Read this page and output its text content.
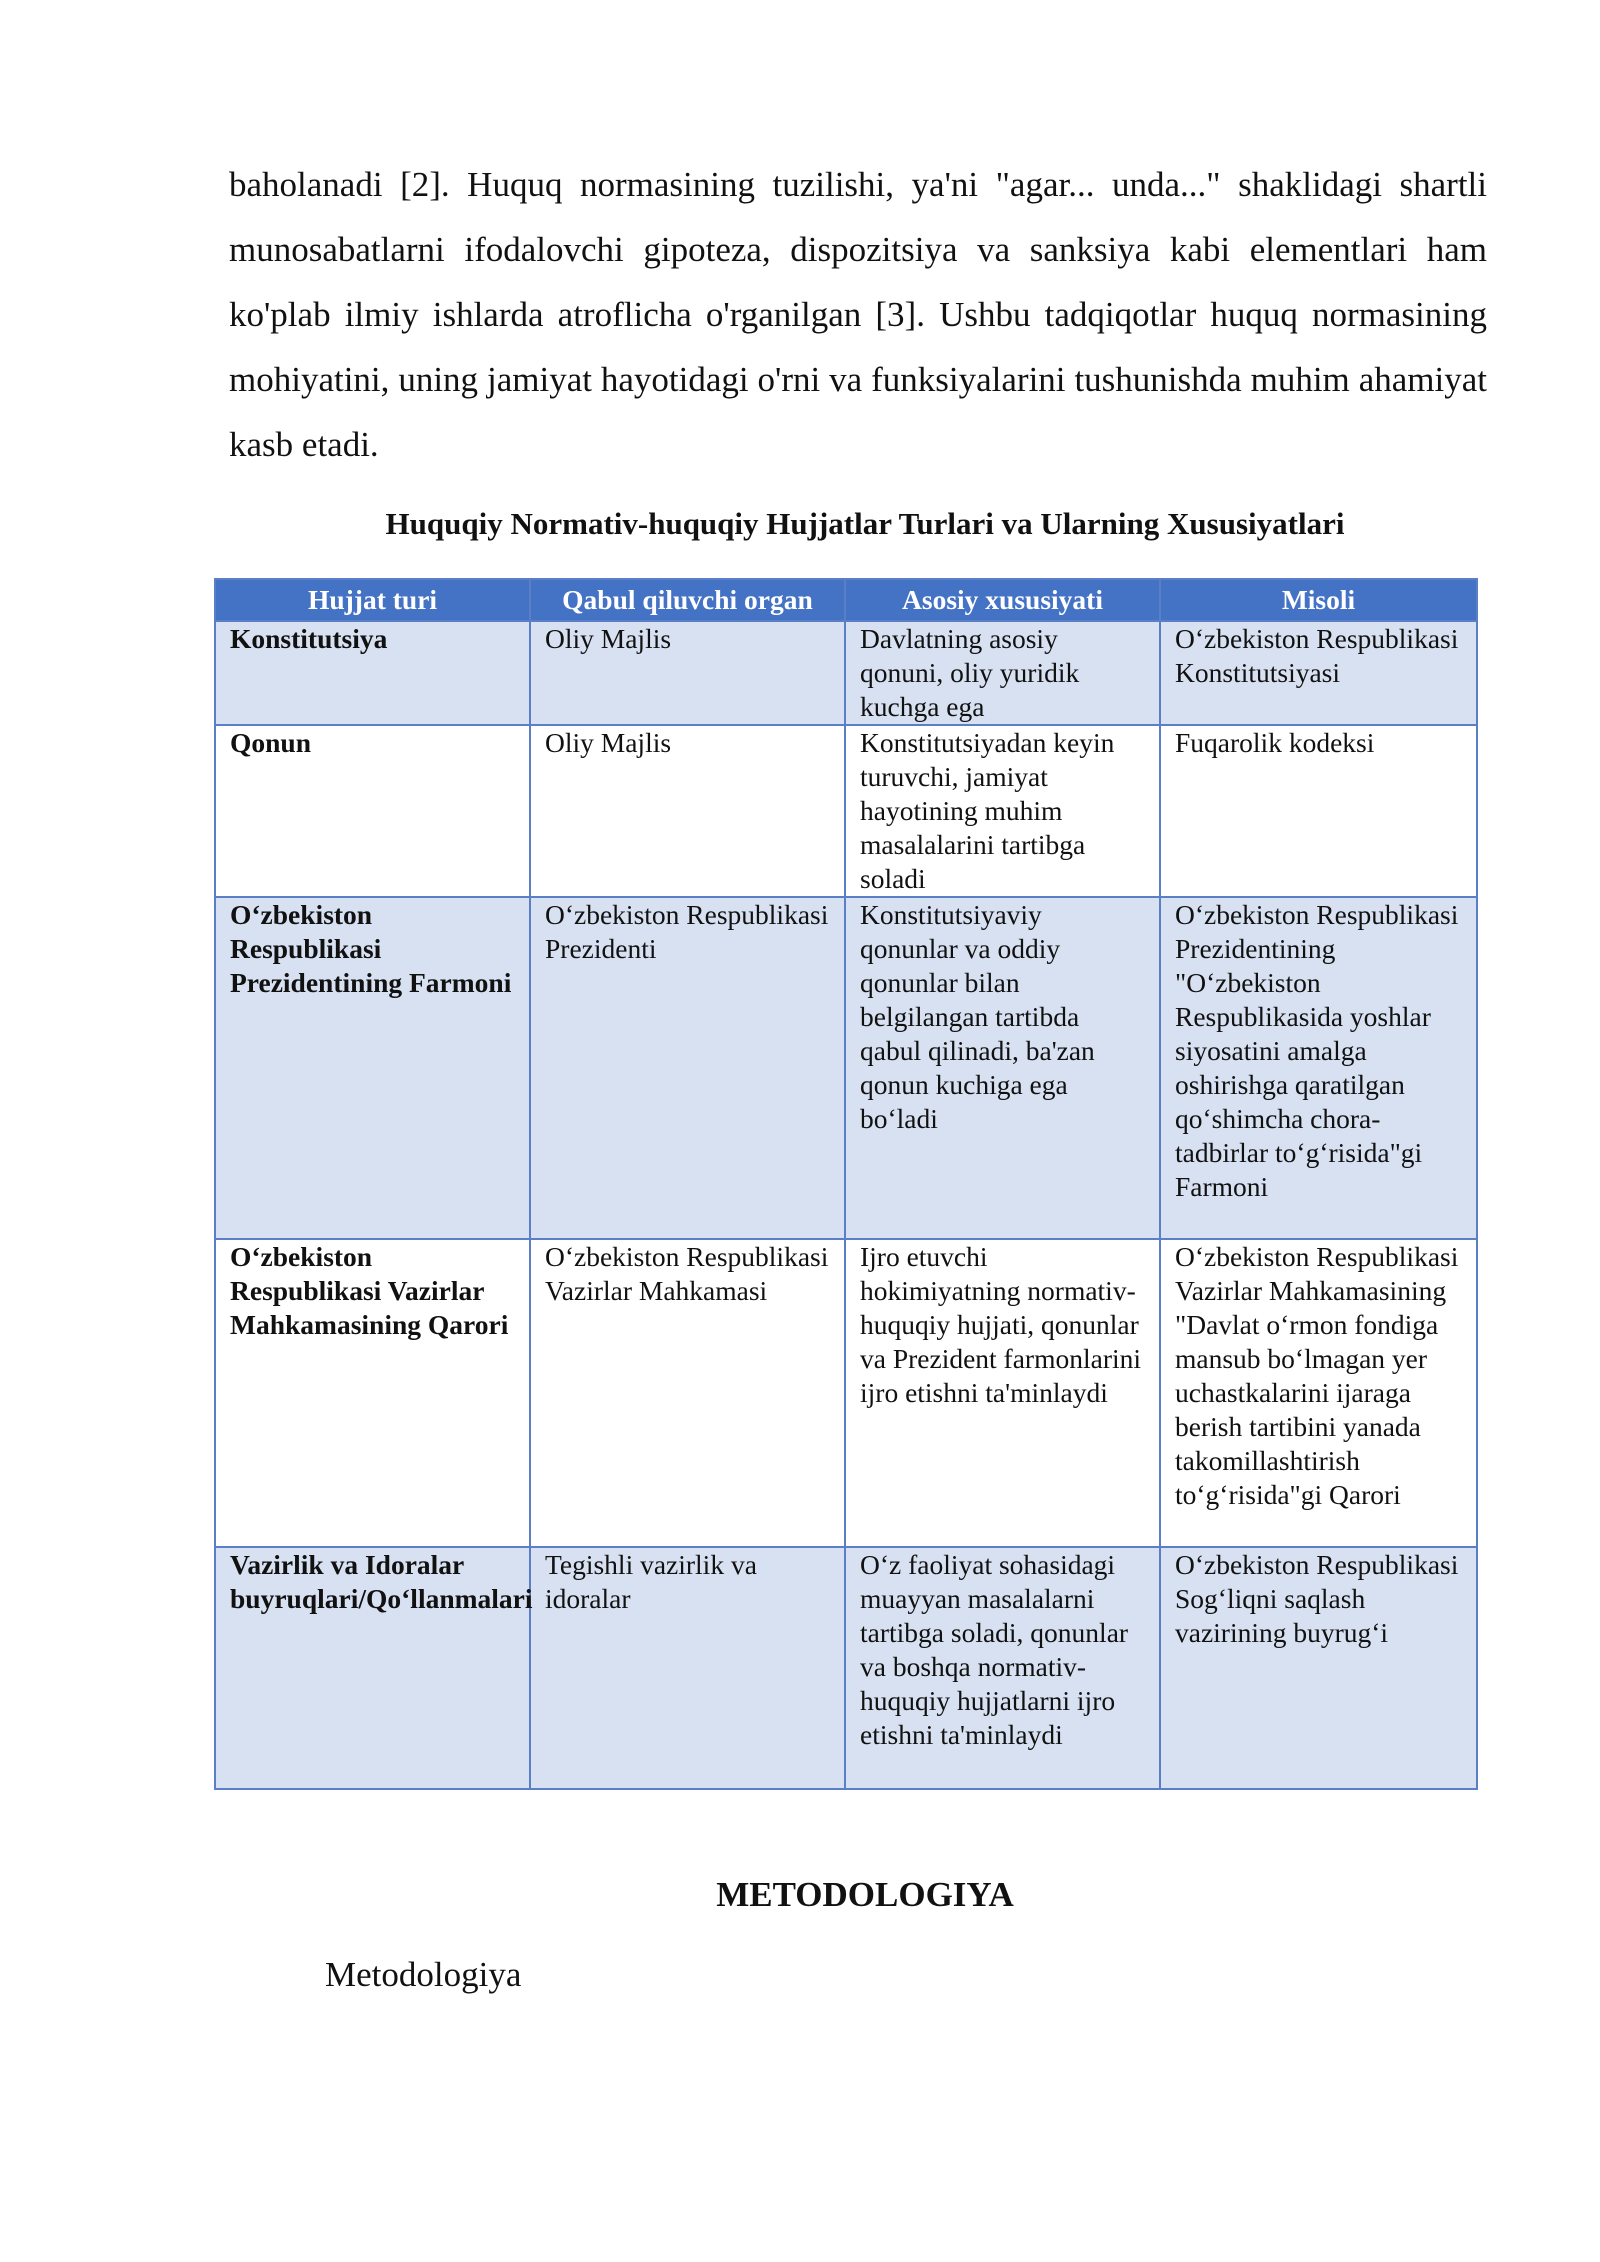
baholanadi [2]. Huquq normasining tuzilishi, ya'ni "agar... unda..." shaklidagi shartli munosabatlarni ifodalovchi gipoteza, dispozitsiya va sanksiya kabi elementlari ham ko'plab ilmiy ishlarda atroflicha o'rganilgan [3]. Ushbu tadqiqotlar huquq normasining mohiyatini, uning jamiyat hayotidagi o'rni va funksiyalarini tushunishda muhim ahamiyat kasb etadi.

Huquqiy Normativ-huquqiy Hujjatlar Turlari va Ularning Xususiyatlari

Hujjat turi	Qabul qiluvchi organ	Asosiy xususiyati	Misoli
Konstitutsiya	Oliy Majlis	Davlatning asosiy qonuni, oliy yuridik kuchga ega	O‘zbekiston Respublikasi Konstitutsiyasi
Qonun	Oliy Majlis	Konstitutsiyadan keyin turuvchi, jamiyat hayotining muhim masalalarini tartibga soladi	Fuqarolik kodeksi
O‘zbekiston Respublikasi Prezidentining Farmoni	O‘zbekiston Respublikasi Prezidenti	Konstitutsiyaviy qonunlar va oddiy qonunlar bilan belgilangan tartibda qabul qilinadi, ba'zan qonun kuchiga ega bo‘ladi	O‘zbekiston Respublikasi Prezidentining "O‘zbekiston Respublikasida yoshlar siyosatini amalga oshirishga qaratilgan qo‘shimcha chora-tadbirlar to‘g‘risida"gi Farmoni
O‘zbekiston Respublikasi Vazirlar Mahkamasining Qarori	O‘zbekiston Respublikasi Vazirlar Mahkamasi	Ijro etuvchi hokimiyatning normativ-huquqiy hujjati, qonunlar va Prezident farmonlarini ijro etishni ta'minlaydi	O‘zbekiston Respublikasi Vazirlar Mahkamasining "Davlat o‘rmon fondiga mansub bo‘lmagan yer uchastkalarini ijaraga berish tartibini yanada takomillashtirish to‘g‘risida"gi Qarori
Vazirlik va Idoralar buyruqlari/Qo‘llanmalari	Tegishli vazirlik va idoralar	O‘z faoliyat sohasidagi muayyan masalalarni tartibga soladi, qonunlar va boshqa normativ-huquqiy hujjatlarni ijro etishni ta'minlaydi	O‘zbekiston Respublikasi Sog‘liqni saqlash vazirining buyrug‘i

METODOLOGIYA

Metodologiya
